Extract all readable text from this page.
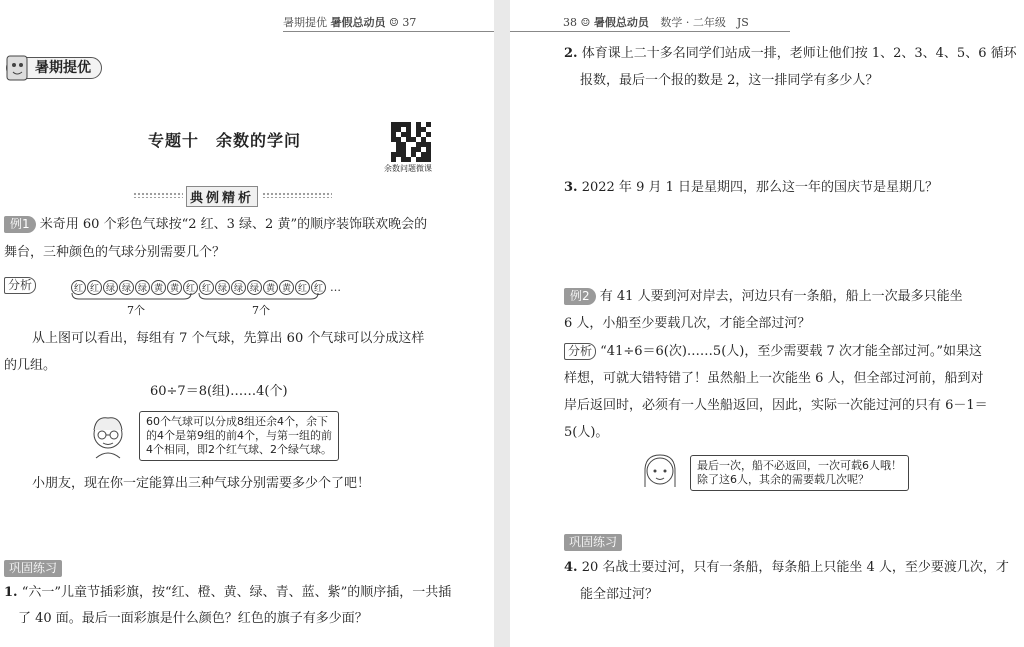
暑期提优 暑假总动员 ☺ 37
暑期提优
专题十　余数的学问
余数问题微课
典例精析
例1 米奇用 60 个彩色气球按“2 红、3 绿、2 黄”的顺序装饰联欢晚会的
舞台，三种颜色的气球分别需要几个？
分析	红 红 绿 绿 绿 黄 黄 红 红 绿 绿 绿 黄 黄 红 红 …
7个	7个
从上图可以看出，每组有 7 个气球，先算出 60 个气球可以分成这样
的几组。
60÷7＝8(组)……4(个)
60个气球可以分成8组还余4个，余下
的4个是第9组的前4个，与第一组的前
4个相同，即2个红气球、2个绿气球。
小朋友，现在你一定能算出三种气球分别需要多少个了吧！
巩固练习
1. “六一”儿童节插彩旗，按“红、橙、黄、绿、青、蓝、紫”的顺序插，一共插
了 40 面。最后一面彩旗是什么颜色？红色的旗子有多少面？
38 ☺ 暑假总动员 数学 · 二年级　JS
2. 体育课上二十多名同学们站成一排，老师让他们按 1、2、3、4、5、6 循环
报数，最后一个报的数是 2，这一排同学有多少人？
3. 2022 年 9 月 1 日是星期四，那么这一年的国庆节是星期几？
例2 有 41 人要到河对岸去，河边只有一条船，船上一次最多只能坐
6 人，小船至少要载几次，才能全部过河？
分析 “41÷6＝6(次)……5(人)，至少需要载 7 次才能全部过河。”如果这
样想，可就大错特错了！虽然船上一次能坐 6 人，但全部过河前，船到对
岸后返回时，必须有一人坐船返回，因此，实际一次能过河的只有 6－1＝
5(人)。
最后一次，船不必返回，一次可载6人哦！
除了这6人，其余的需要载几次呢？
巩固练习
4. 20 名战士要过河，只有一条船，每条船上只能坐 4 人，至少要渡几次，才
能全部过河？
